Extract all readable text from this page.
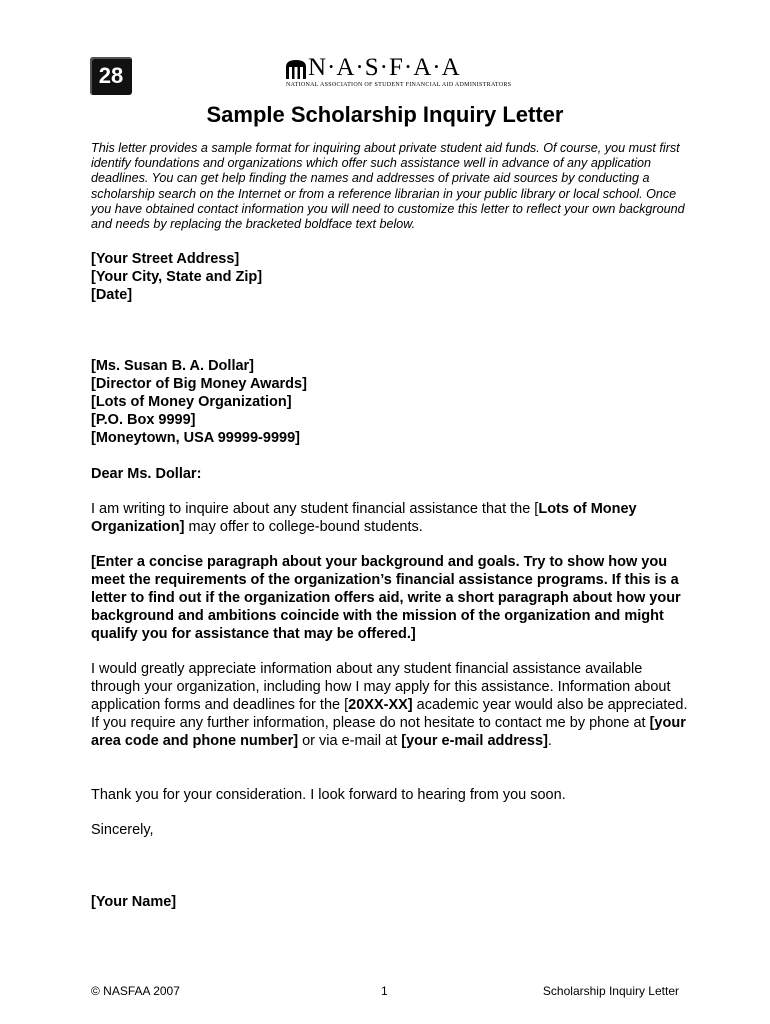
28	N·A·S·F·A·A
NATIONAL ASSOCIATION OF STUDENT FINANCIAL AID ADMINISTRATORS
Sample Scholarship Inquiry Letter

This letter provides a sample format for inquiring about private student aid funds. Of course, you must first identify foundations and organizations which offer such assistance well in advance of any application deadlines. You can get help finding the names and addresses of private aid sources by conducting a scholarship search on the Internet or from a reference librarian in your public library or local school. Once you have obtained contact information you will need to customize this letter to reflect your own background and needs by replacing the bracketed boldface text below.

[Your Street Address]
[Your City, State and Zip]
[Date]
[Ms. Susan B. A. Dollar]
[Director of Big Money Awards]
[Lots of Money Organization]
[P.O. Box 9999]
[Moneytown, USA 99999-9999]

Dear Ms. Dollar:

I am writing to inquire about any student financial assistance that the [Lots of Money Organization] may offer to college-bound students.

[Enter a concise paragraph about your background and goals. Try to show how you meet the requirements of the organization’s financial assistance programs. If this is a letter to find out if the organization offers aid, write a short paragraph about how your background and ambitions coincide with the mission of the organization and might qualify you for assistance that may be offered.]

I would greatly appreciate information about any student financial assistance available through your organization, including how I may apply for this assistance. Information about application forms and deadlines for the [20XX-XX] academic year would also be appreciated. If you require any further information, please do not hesitate to contact me by phone at [your area code and phone number] or via e-mail at [your e-mail address].

Thank you for your consideration. I look forward to hearing from you soon.

Sincerely,

[Your Name]

© NASFAA 2007	1	Scholarship Inquiry Letter
